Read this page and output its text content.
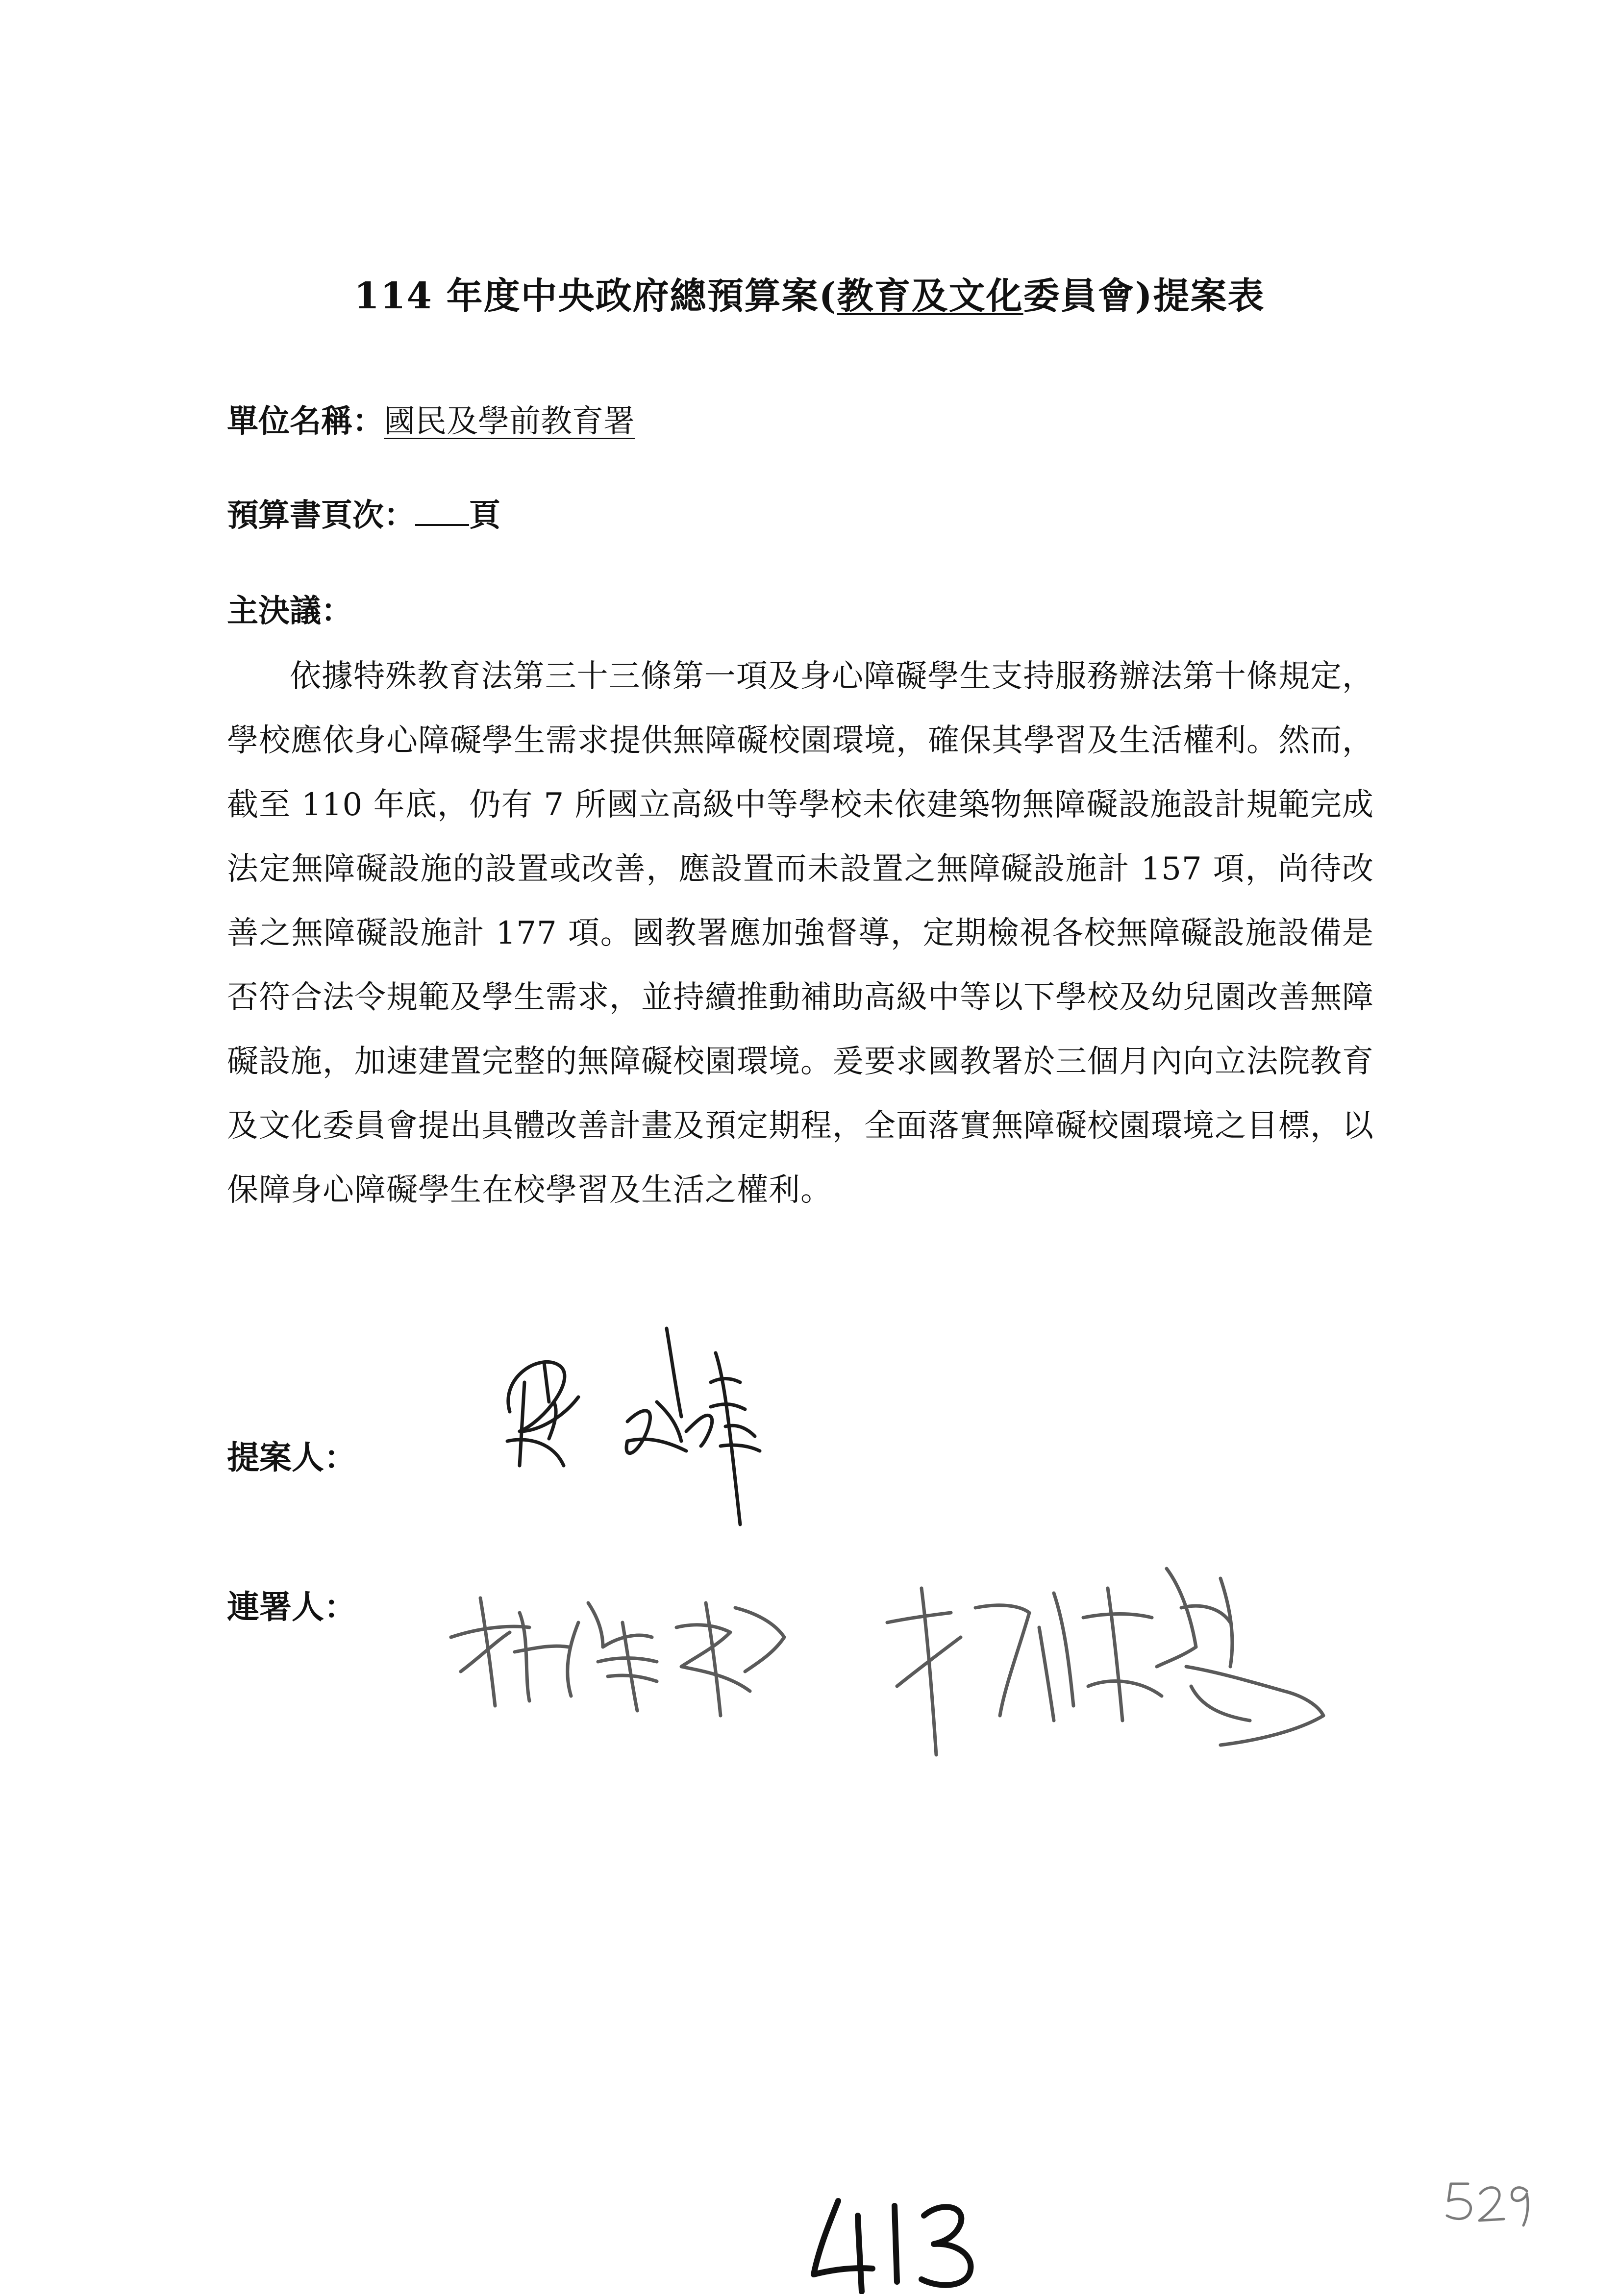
114 年度中央政府總預算案(教育及文化委員會)提案表
單位名稱：國民及學前教育署
預算書頁次： 頁
主決議：

依據特殊教育法第三十三條第一項及身心障礙學生支持服務辦法第十條規定，學校應依身心障礙學生需求提供無障礙校園環境，確保其學習及生活權利。然而，截至 110 年底，仍有 7 所國立高級中等學校未依建築物無障礙設施設計規範完成法定無障礙設施的設置或改善，應設置而未設置之無障礙設施計 157 項，尚待改善之無障礙設施計 177 項。國教署應加強督導，定期檢視各校無障礙設施設備是否符合法令規範及學生需求，並持續推動補助高級中等以下學校及幼兒園改善無障礙設施，加速建置完整的無障礙校園環境。爰要求國教署於三個月內向立法院教育及文化委員會提出具體改善計畫及預定期程，全面落實無障礙校園環境之目標，以保障身心障礙學生在校學習及生活之權利。

提案人：
連署人：
